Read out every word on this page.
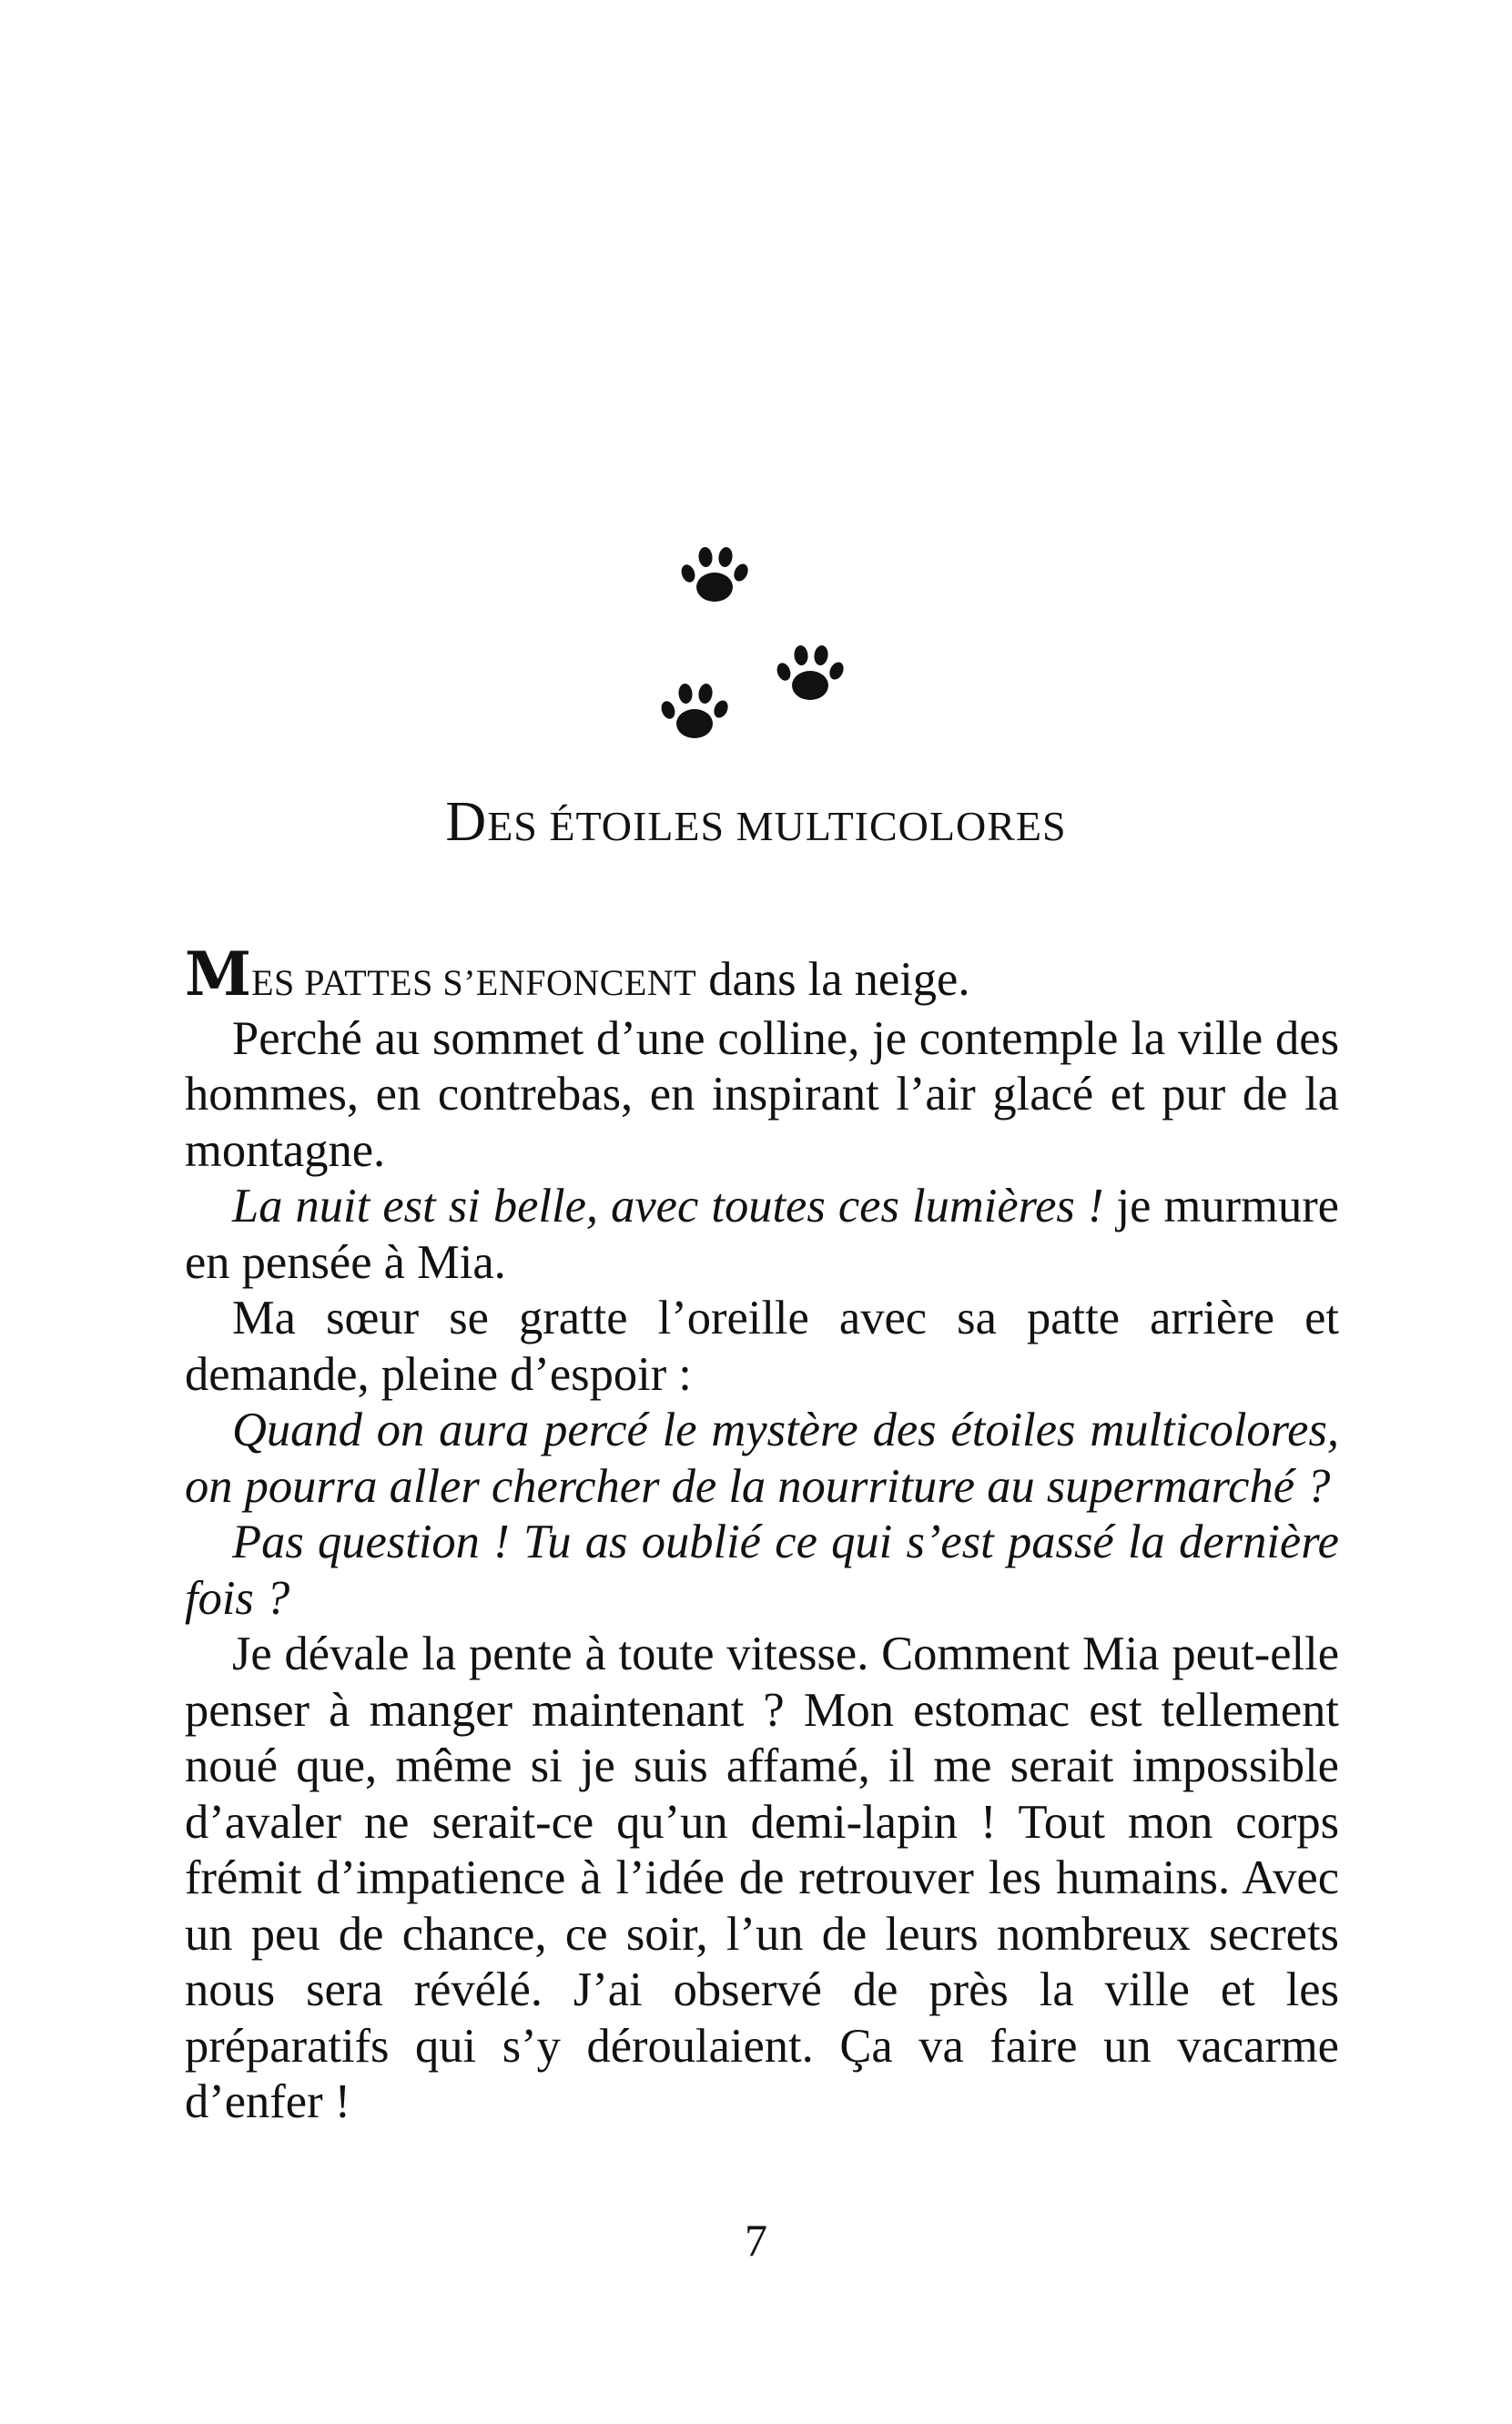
DES ÉTOILES MULTICOLORES

MES PATTES S’ENFONCENT dans la neige.

Perché au sommet d’une colline, je contemple la ville des hommes, en contrebas, en inspirant l’air glacé et pur de la montagne.

La nuit est si belle, avec toutes ces lumières ! je murmure en pensée à Mia.

Ma sœur se gratte l’oreille avec sa patte arrière et demande, pleine d’espoir :

Quand on aura percé le mystère des étoiles multicolores, on pourra aller chercher de la nourriture au supermarché ?

Pas question ! Tu as oublié ce qui s’est passé la dernière fois ?

Je dévale la pente à toute vitesse. Comment Mia peut-elle penser à manger maintenant ? Mon estomac est tellement noué que, même si je suis affamé, il me serait impossible d’avaler ne serait-ce qu’un demi-lapin ! Tout mon corps frémit d’impatience à l’idée de retrouver les humains. Avec un peu de chance, ce soir, l’un de leurs nombreux secrets nous sera révélé. J’ai observé de près la ville et les préparatifs qui s’y déroulaient. Ça va faire un vacarme d’enfer !

7
